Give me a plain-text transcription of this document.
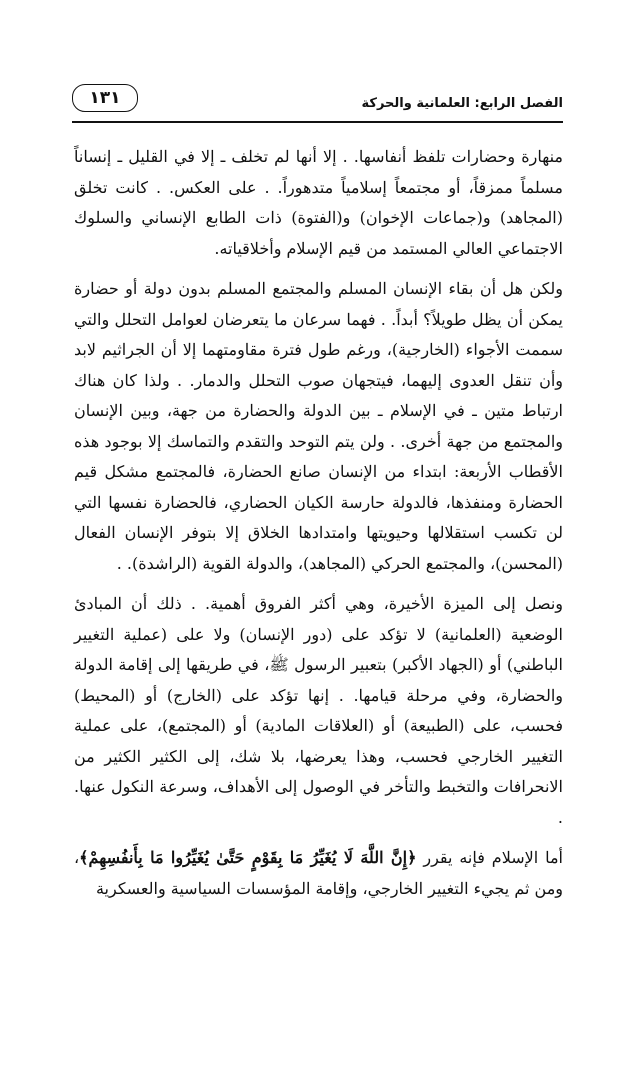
الفصل الرابع: العلمانية والحركة
١٣١

منهارة وحضارات تلفظ أنفاسها. . إلا أنها لم تخلف ـ إلا في القليل ـ إنساناً مسلماً ممزقاً، أو مجتمعاً إسلامياً متدهوراً. . على العكس. . كانت تخلق (المجاهد) و(جماعات الإخوان) و(الفتوة) ذات الطابع الإنساني والسلوك الاجتماعي العالي المستمد من قيم الإسلام وأخلاقياته.

ولكن هل أن بقاء الإنسان المسلم والمجتمع المسلم بدون دولة أو حضارة يمكن أن يظل طويلاً؟ أبداً. . فهما سرعان ما يتعرضان لعوامل التحلل والتي سممت الأجواء (الخارجية)، ورغم طول فترة مقاومتهما إلا أن الجراثيم لابد وأن تنقل العدوى إليهما، فيتجهان صوب التحلل والدمار. . ولذا كان هناك ارتباط متين ـ في الإسلام ـ بين الدولة والحضارة من جهة، وبين الإنسان والمجتمع من جهة أخرى. . ولن يتم التوحد والتقدم والتماسك إلا بوجود هذه الأقطاب الأربعة: ابتداء من الإنسان صانع الحضارة، فالمجتمع مشكل قيم الحضارة ومنفذها، فالدولة حارسة الكيان الحضاري، فالحضارة نفسها التي لن تكسب استقلالها وحيويتها وامتدادها الخلاق إلا بتوفر الإنسان الفعال (المحسن)، والمجتمع الحركي (المجاهد)، والدولة القوية (الراشدة). .

ونصل إلى الميزة الأخيرة، وهي أكثر الفروق أهمية. . ذلك أن المبادئ الوضعية (العلمانية) لا تؤكد على (دور الإنسان) ولا على (عملية التغيير الباطني) أو (الجهاد الأكبر) بتعبير الرسول ﷺ، في طريقها إلى إقامة الدولة والحضارة، وفي مرحلة قيامها. . إنها تؤكد على (الخارج) أو (المحيط) فحسب، على (الطبيعة) أو (العلاقات المادية) أو (المجتمع)، على عملية التغيير الخارجي فحسب، وهذا يعرضها، بلا شك، إلى الكثير الكثير من الانحرافات والتخبط والتأخر في الوصول إلى الأهداف، وسرعة النكول عنها. .

أما الإسلام فإنه يقرر ﴿إِنَّ اللَّهَ لَا يُغَيِّرُ مَا بِقَوْمٍ حَتَّىٰ يُغَيِّرُوا مَا بِأَنفُسِهِمْ﴾، ومن ثم يجيء التغيير الخارجي، وإقامة المؤسسات السياسية والعسكرية
